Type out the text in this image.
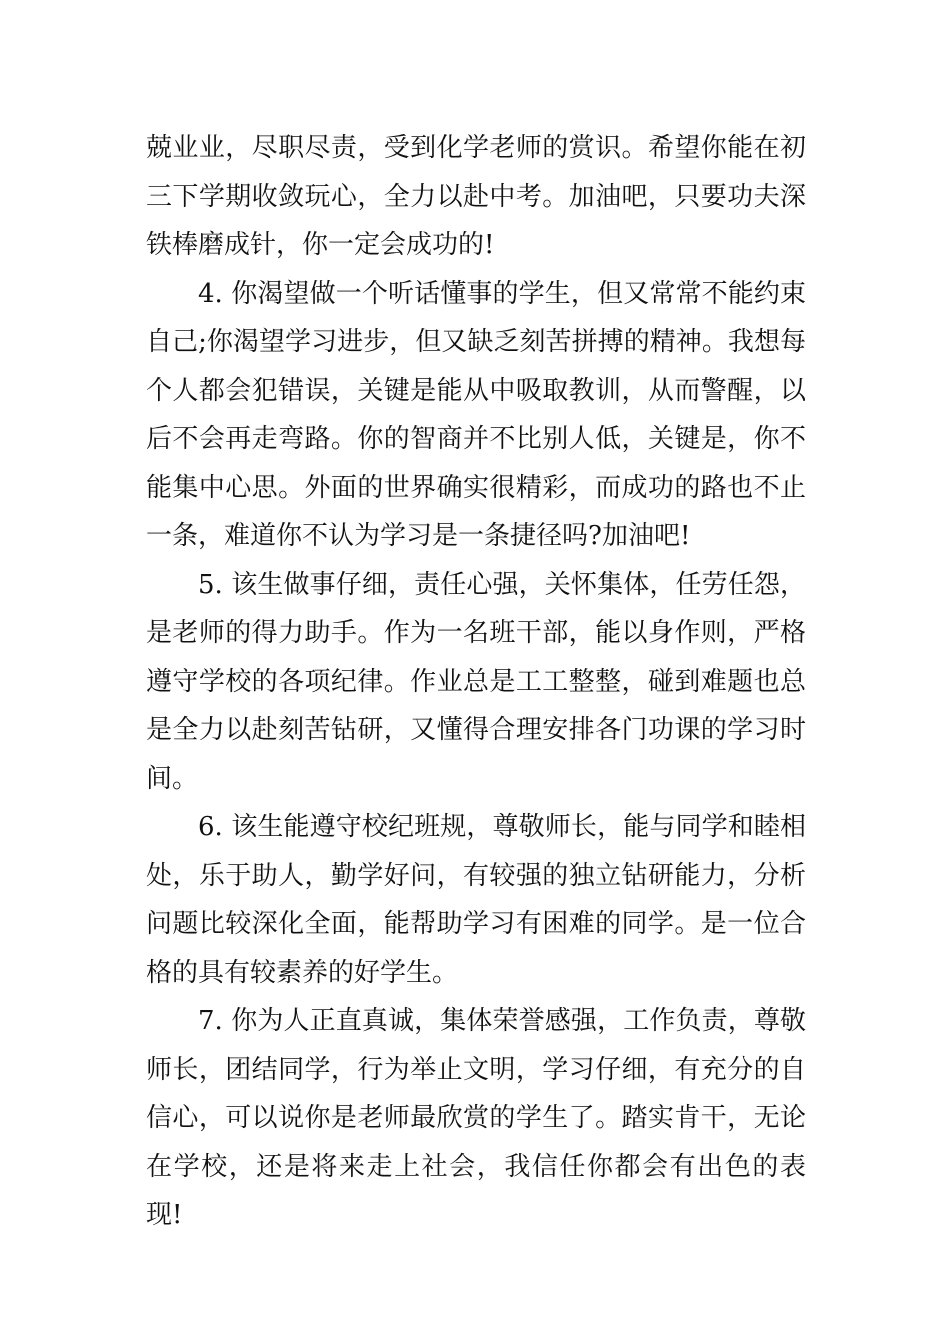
兢业业，尽职尽责，受到化学老师的赏识。希望你能在初三下学期收敛玩心，全力以赴中考。加油吧，只要功夫深铁棒磨成针，你一定会成功的!

4. 你渴望做一个听话懂事的学生，但又常常不能约束自己;你渴望学习进步，但又缺乏刻苦拼搏的精神。我想每个人都会犯错误，关键是能从中吸取教训，从而警醒，以后不会再走弯路。你的智商并不比别人低，关键是，你不能集中心思。外面的世界确实很精彩，而成功的路也不止一条，难道你不认为学习是一条捷径吗?加油吧!

5. 该生做事仔细，责任心强，关怀集体，任劳任怨，是老师的得力助手。作为一名班干部，能以身作则，严格遵守学校的各项纪律。作业总是工工整整，碰到难题也总是全力以赴刻苦钻研，又懂得合理安排各门功课的学习时间。

6. 该生能遵守校纪班规，尊敬师长，能与同学和睦相处，乐于助人，勤学好问，有较强的独立钻研能力，分析问题比较深化全面，能帮助学习有困难的同学。是一位合格的具有较素养的好学生。

7. 你为人正直真诚，集体荣誉感强，工作负责，尊敬师长，团结同学，行为举止文明，学习仔细，有充分的自信心，可以说你是老师最欣赏的学生了。踏实肯干，无论在学校，还是将来走上社会，我信任你都会有出色的表现!
